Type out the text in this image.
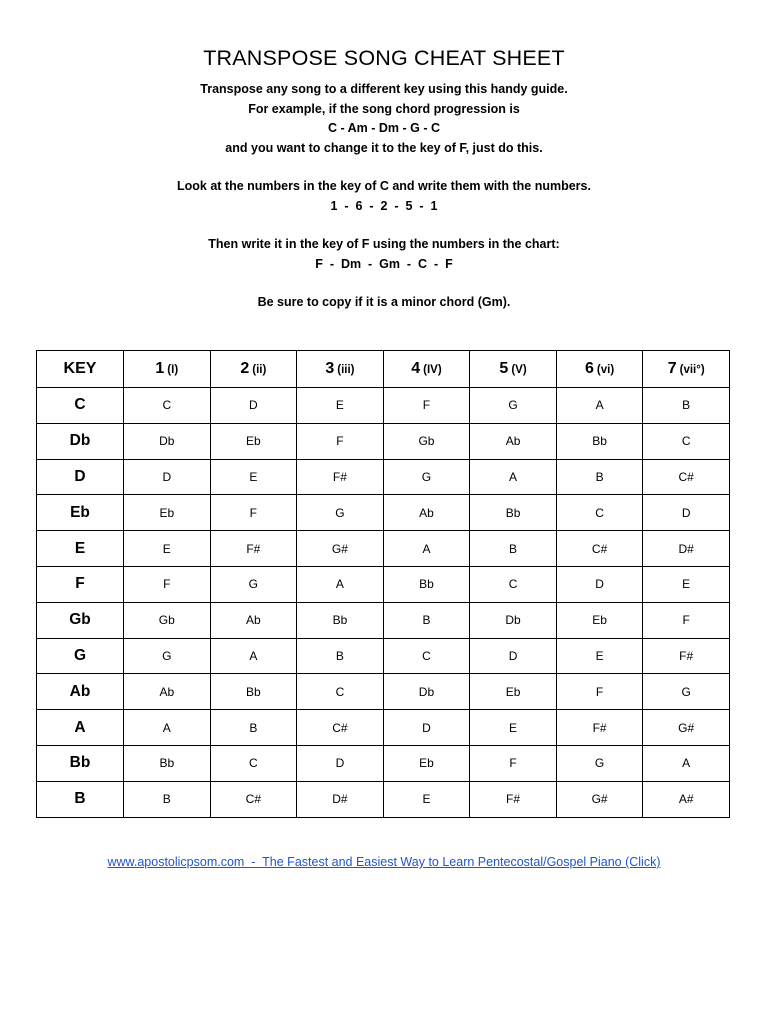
TRANSPOSE SONG CHEAT SHEET
Transpose any song to a different key using this handy guide.
For example, if the song chord progression is
C - Am - Dm - G - C
and you want to change it to the key of F, just do this.
Look at the numbers in the key of C and write them with the numbers.
1  -  6  -  2  -  5  -  1
Then write it in the key of F using the numbers in the chart:
F  -  Dm  -  Gm  -  C  -  F
Be sure to copy if it is a minor chord (Gm).
KEY	1 (I)	2 (ii)	3 (iii)	4 (IV)	5 (V)	6 (vi)	7 (vii°)
C	C	D	E	F	G	A	B
Db	Db	Eb	F	Gb	Ab	Bb	C
D	D	E	F#	G	A	B	C#
Eb	Eb	F	G	Ab	Bb	C	D
E	E	F#	G#	A	B	C#	D#
F	F	G	A	Bb	C	D	E
Gb	Gb	Ab	Bb	B	Db	Eb	F
G	G	A	B	C	D	E	F#
Ab	Ab	Bb	C	Db	Eb	F	G
A	A	B	C#	D	E	F#	G#
Bb	Bb	C	D	Eb	F	G	A
B	B	C#	D#	E	F#	G#	A#
www.apostolicpsom.com  -  The Fastest and Easiest Way to Learn Pentecostal/Gospel Piano (Click)
